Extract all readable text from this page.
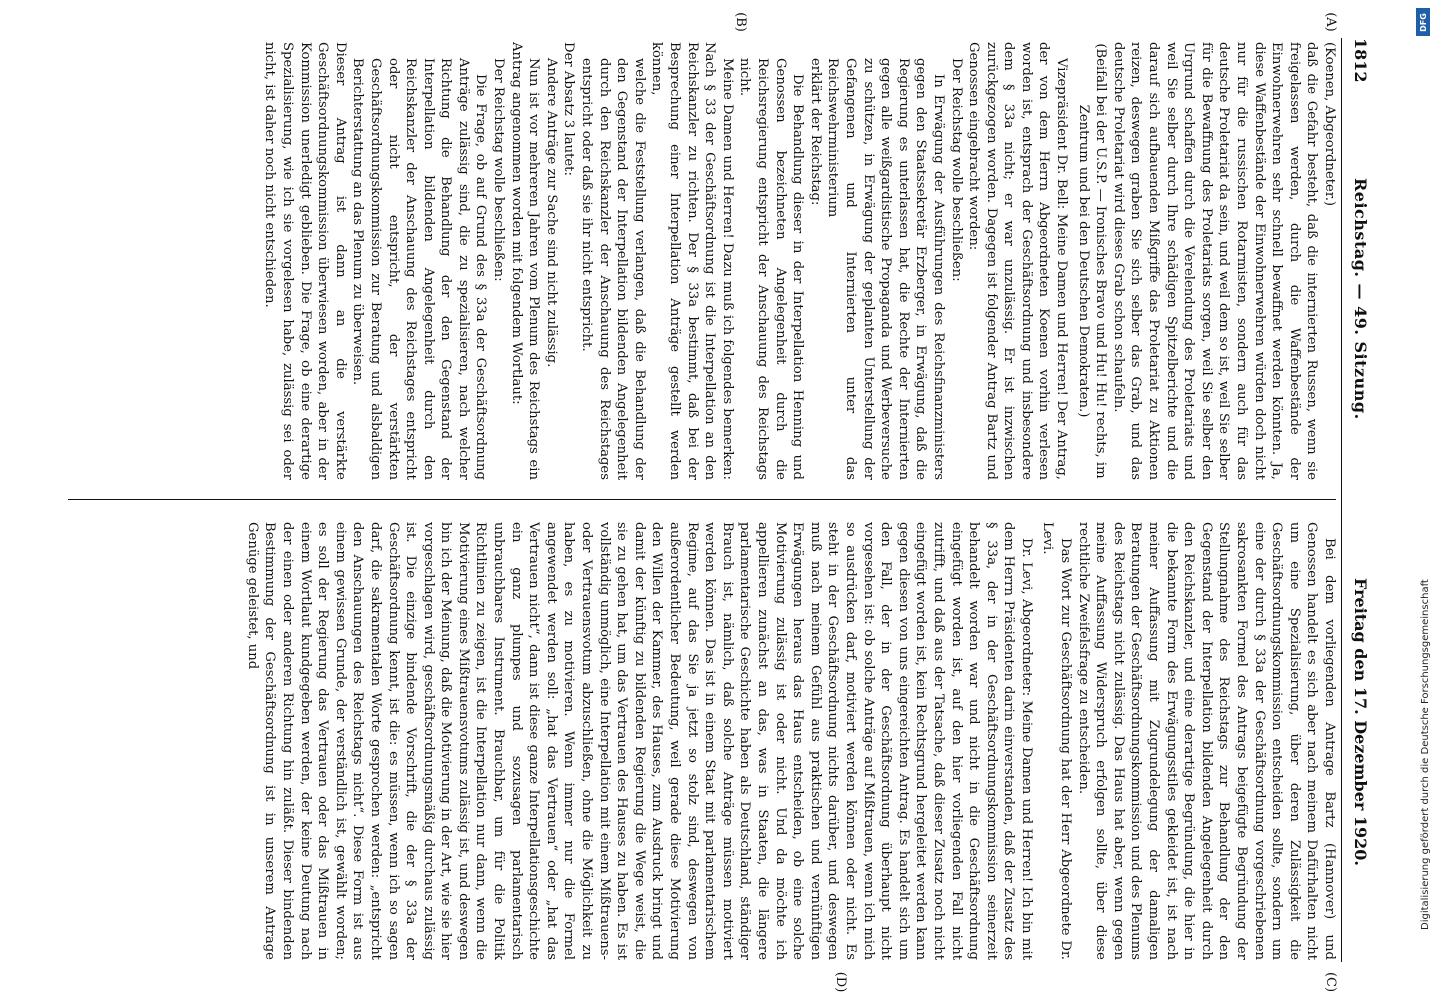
1812
Reichstag. — 49. Sitzung.
Freitag den 17. Dezember 1920.
(A)
(B)
(C)
(D)

(Koenen, Abgeordneter.)

daß die Gefahr besteht, daß die internierten Russen, wenn sie freigelassen werden, durch die Waffenbestände der Einwohnerwehren sehr schnell bewaffnet werden könnten. Ja, diese Waffenbestände der Einwohnerwehren würden doch nicht nur für die russischen Rotarmisten, sondern auch für das deutsche Proletariat da sein, und weil dem so ist, weil Sie selber für die Bewaffnung des Proletariats sorgen, weil Sie selber den Urgrund schaffen durch die Verelendung des Proletariats und weil Sie selber durch Ihre schädigen Spitzelberichte und die darauf sich aufbauenden Mißgriffe das Proletariat zu Aktionen reizen, deswegen graben Sie sich selber das Grab, und das deutsche Proletariat wird dieses Grab schon schaufeln.

(Beifall bei der U.S.P. — Ironisches Bravo und Hu! Hu! rechts, im Zentrum und bei den Deutschen Demokraten.)

Vizepräsident Dr. Bell: Meine Damen und Herren! Der Antrag, der von dem Herrn Abgeordneten Koenen vorhin verlesen worden ist, entsprach der Geschäftsordnung und insbesondere dem § 33a nicht; er war unzulässig. Er ist inzwischen zurückgezogen worden. Dagegen ist folgender Antrag Bartz und Genossen eingebracht worden:

Der Reichstag wolle beschließen:

In Erwägung der Ausführungen des Reichsfinanzministers gegen den Staatssekretär Erzberger, in Erwägung, daß die Regierung es unterlassen hat, die Rechte der Internierten gegen alle weißgardistische Propaganda und Werbeversuche zu schützen, in Erwägung der geplanten Unterstellung der Gefangenen und Internierten unter das Reichswehrministerium

erklärt der Reichstag:

Die Behandlung dieser in der Interpellation Henning und Genossen bezeichneten Angelegenheit durch die Reichsregierung entspricht der Anschauung des Reichstags nicht.

Meine Damen und Herren! Dazu muß ich folgendes bemerken: Nach § 33 der Geschäftsordnung ist die Interpellation an den Reichskanzler zu richten. Der § 33a bestimmt, daß bei der Besprechung einer Interpellation Anträge gestellt werden können,

welche die Feststellung verlangen, daß die Behandlung der den Gegenstand der Interpellation bildenden Angelegenheit durch den Reichskanzler der Anschauung des Reichstages entspricht oder daß sie ihr nicht entspricht.

Der Absatz 3 lautet:

Andere Anträge zur Sache sind nicht zulässig.

Nun ist vor mehreren Jahren vom Plenum des Reichstags ein Antrag angenommen worden mit folgendem Wortlaut:

Der Reichstag wolle beschließen:

Die Frage, ob auf Grund des § 33a der Geschäftsordnung Anträge zulässig sind, die zu spezialisieren, nach welcher Richtung die Behandlung der den Gegenstand der Interpellation bildenden Angelegenheit durch den Reichskanzler der Anschauung des Reichstages entspricht oder nicht entspricht, der verstärkten Geschäftsordnungskommission zur Beratung und alsbaldigen Berichterstattung an das Plenum zu überweisen.

Dieser Antrag ist dann an die verstärkte Geschäftsordnungskommission überwiesen worden, aber in der Kommission unerledigt geblieben. Die Frage, ob eine derartige Spezialisierung, wie ich sie vorgelesen habe, zulässig sei oder nicht, ist daher noch nicht entschieden.

Bei dem vorliegenden Antrage Bartz (Hannover) und Genossen handelt es sich aber nach meinem Dafürhalten nicht um eine Spezialisierung, über deren Zulässigkeit die Geschäftsordnungskommission entscheiden sollte, sondern um eine der durch § 33a der Geschäftsordnung vorgeschriebenen sakrosankten Formel des Antrags beigefügte Begründung der Stellungnahme des Reichstags zur Behandlung der den Gegenstand der Interpellation bildenden Angelegenheit durch den Reichskanzler, und eine derartige Begründung, die hier in die bekannte Form des Erwägungsstiles gekleidet ist, ist nach meiner Auffassung mit Zugrundelegung der damaligen Beratungen der Geschäftsordnungskommission und des Plenums des Reichstags nicht zulässig. Das Haus hat aber, wenn gegen meine Auffassung Widerspruch erfolgen sollte, über diese rechtliche Zweifelsfrage zu entscheiden.

Das Wort zur Geschäftsordnung hat der Herr Abgeordnete Dr. Levi.

Dr. Levi, Abgeordneter: Meine Damen und Herren! Ich bin mit dem Herrn Präsidenten darin einverstanden, daß der Zusatz des § 33a, der in der Geschäftsordnungskommission seinerzeit behandelt worden war und nicht in die Geschäftsordnung eingefügt worden ist, auf den hier vorliegenden Fall nicht zutrifft, und daß aus der Tatsache, daß dieser Zusatz noch nicht eingefügt worden ist, kein Rechtsgrund hergeleitet werden kann gegen diesen von uns eingereichten Antrag. Es handelt sich um den Fall, der in der Geschäftsordnung überhaupt nicht vorgesehen ist: ob solche Anträge auf Mißtrauen, wenn ich mich so ausdrücken darf, motiviert werden können oder nicht. Es steht in der Geschäftsordnung nichts darüber, und deswegen muß nach meinem Gefühl aus praktischen und vernünftigen Erwägungen heraus das Haus entscheiden, ob eine solche Motivierung zulässig ist oder nicht. Und da möchte ich appellieren zunächst an das, was in Staaten, die längere parlamentarische Geschichte haben als Deutschland, ständiger Brauch ist, nämlich, daß solche Anträge müssen motiviert werden können. Das ist in einem Staat mit parlamentarischem Regime, auf das Sie ja jetzt so stolz sind, deswegen von außerordentlicher Bedeutung, weil gerade diese Motivierung den Willen der Kammer, des Hauses, zum Ausdruck bringt und damit der künftig zu bildenden Regierung die Wege weist, die sie zu gehen hat, um das Vertrauen des Hauses zu haben. Es ist vollständig unmöglich, eine Interpellation mit einem Mißtrauens- oder Vertrauensvotum abzuschließen, ohne die Möglichkeit zu haben, es zu motivieren. Wenn immer nur die Formel angewendet werden soll: „hat das Vertrauen“ oder „hat das Vertrauen nicht“, dann ist diese ganze Interpellationsgeschichte ein ganz plumpes und sozusagen parlamentarisch unbrauchbares Instrument. Brauchbar, um für die Politik Richtlinien zu zeigen, ist die Interpellation nur dann, wenn die Motivierung eines Mißtrauensvotums zulässig ist, und deswegen bin ich der Meinung, daß die Motivierung in der Art, wie sie hier vorgeschlagen wird, geschäftsordnungsmäßig durchaus zulässig ist. Die einzige bindende Vorschrift, die der § 33a der Geschäftsordnung kennt, ist die: es müssen, wenn ich so sagen darf, die sakramentalen Worte gesprochen werden: „entspricht den Anschauungen des Reichstags nicht“. Diese Form ist aus einem gewissen Grunde, der verständlich ist, gewählt worden; es soll der Regierung das Vertrauen oder das Mißtrauen in einem Wortlaut kundgegeben werden, der keine Deutung nach der einen oder anderen Richtung hin zuläßt. Dieser bindenden Bestimmung der Geschäftsordnung ist in unserem Antrage Genüge geleistet, und	Digitalisierung gefördert durch die Deutsche Forschungsgemeinschaft
DFG
